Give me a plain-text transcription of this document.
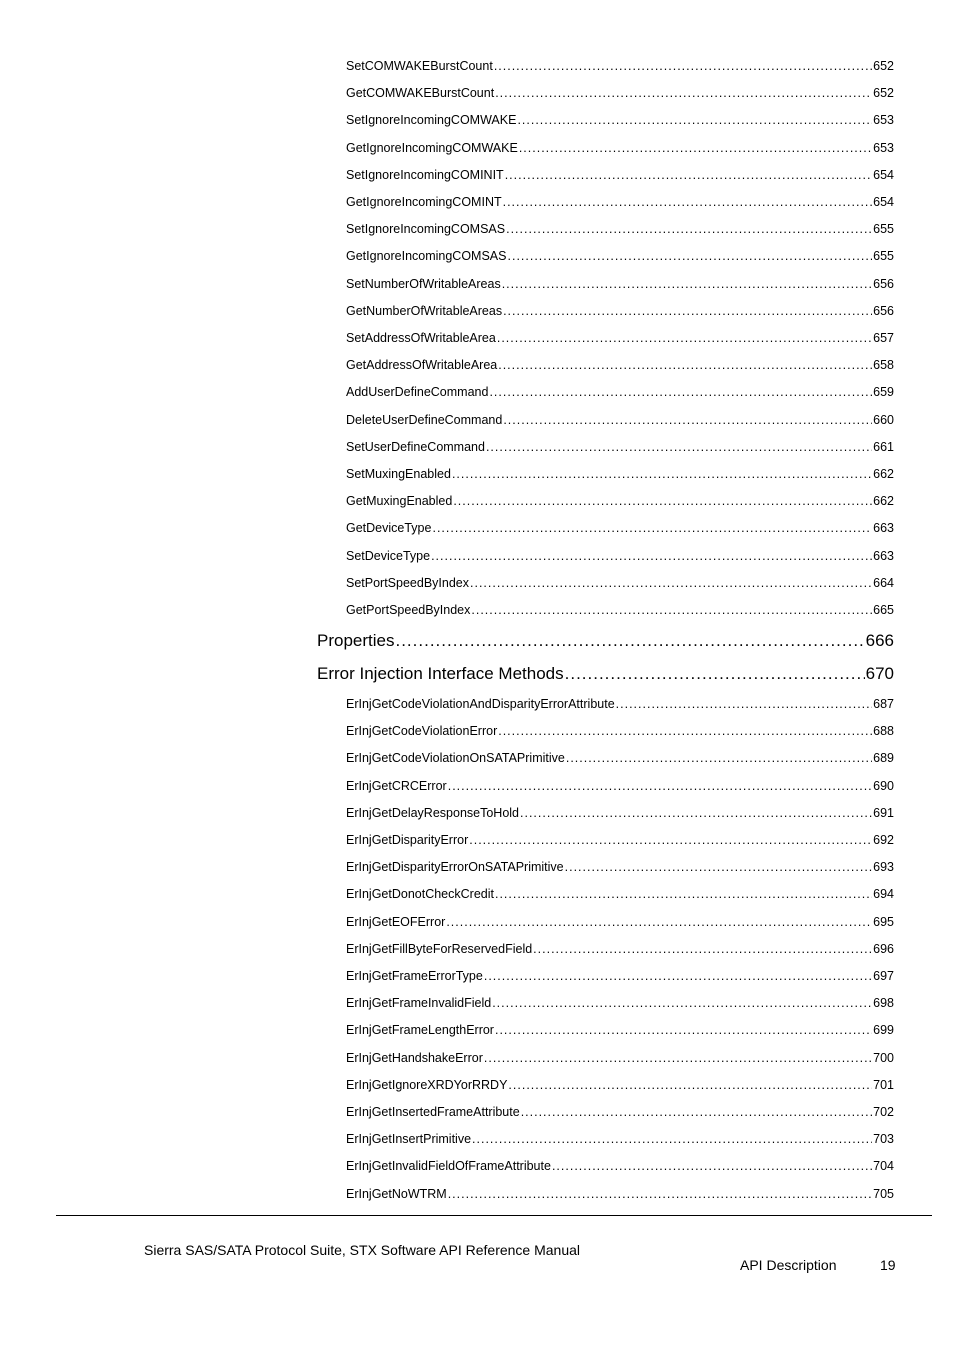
SetCOMWAKEBurstCount .....	652
GetCOMWAKEBurstCount .....	652
SetIgnoreIncomingCOMWAKE .....	653
GetIgnoreIncomingCOMWAKE .....	653
SetIgnoreIncomingCOMINIT .....	654
GetIgnoreIncomingCOMINT .....	654
SetIgnoreIncomingCOMSAS .....	655
GetIgnoreIncomingCOMSAS .....	655
SetNumberOfWritableAreas .....	656
GetNumberOfWritableAreas .....	656
SetAddressOfWritableArea .....	657
GetAddressOfWritableArea .....	658
AddUserDefineCommand .....	659
DeleteUserDefineCommand .....	660
SetUserDefineCommand .....	661
SetMuxingEnabled .....	662
GetMuxingEnabled .....	662
GetDeviceType .....	663
SetDeviceType .....	663
SetPortSpeedByIndex .....	664
GetPortSpeedByIndex .....	665
Properties .....	666
Error Injection Interface Methods .....	670
ErInjGetCodeViolationAndDisparityErrorAttribute .....	687
ErInjGetCodeViolationError .....	688
ErInjGetCodeViolationOnSATAPrimitive .....	689
ErInjGetCRCError .....	690
ErInjGetDelayResponseToHold .....	691
ErInjGetDisparityError .....	692
ErInjGetDisparityErrorOnSATAPrimitive .....	693
ErInjGetDonotCheckCredit .....	694
ErInjGetEOFError .....	695
ErInjGetFillByteForReservedField .....	696
ErInjGetFrameErrorType .....	697
ErInjGetFrameInvalidField .....	698
ErInjGetFrameLengthError .....	699
ErInjGetHandshakeError .....	700
ErInjGetIgnoreXRDYorRRDY .....	701
ErInjGetInsertedFrameAttribute .....	702
ErInjGetInsertPrimitive .....	703
ErInjGetInvalidFieldOfFrameAttribute .....	704
ErInjGetNoWTRM .....	705
Sierra SAS/SATA Protocol Suite, STX Software API Reference Manual
API Description	19
